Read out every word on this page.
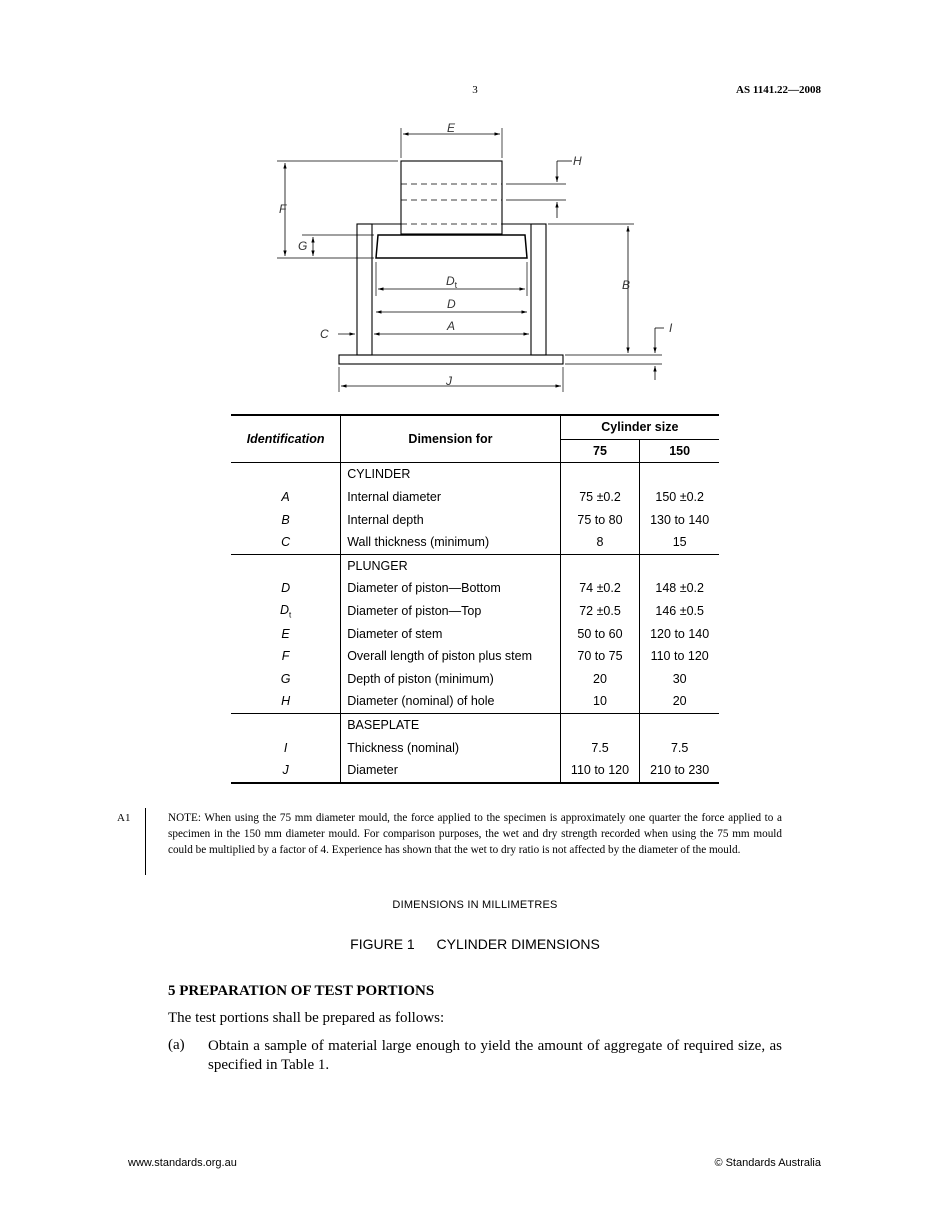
3	AS 1141.22—2008
E
H
F
G
B
$D_t$
D
A
C	I
J
Identification	Dimension for	Cylinder size	
		75	150
	CYLINDER		
A	Internal diameter	75 ±0.2	150 ±0.2
B	Internal depth	75 to 80	130 to 140
C	Wall thickness (minimum)	8	15
	PLUNGER		
D	Diameter of piston—Bottom	74 ±0.2	148 ±0.2
$D_t$	Diameter of piston—Top	72 ±0.5	146 ±0.5
E	Diameter of stem	50 to 60	120 to 140
F	Overall length of piston plus stem	70 to 75	110 to 120
G	Depth of piston (minimum)	20	30
H	Diameter (nominal) of hole	10	20
	BASEPLATE		
I	Thickness (nominal)	7.5	7.5
J	Diameter	110 to 120	210 to 230
A1	NOTE: When using the 75 mm diameter mould, the force applied to the specimen is approximately one quarter the force applied to a specimen in the 150 mm diameter mould. For comparison purposes, the wet and dry strength recorded when using the 75 mm mould could be multiplied by a factor of 4. Experience has shown that the wet to dry ratio is not affected by the diameter of the mould.
DIMENSIONS IN MILLIMETRES
FIGURE 1 CYLINDER DIMENSIONS
5 PREPARATION OF TEST PORTIONS
The test portions shall be prepared as follows:
(a) Obtain a sample of material large enough to yield the amount of aggregate of required size, as specified in Table 1.
www.standards.org.au	© Standards Australia
